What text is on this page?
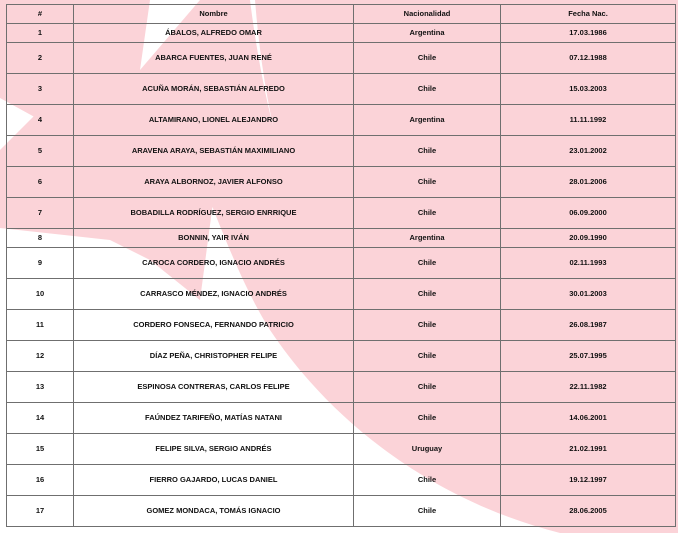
#	Nombre	Nacionalidad	Fecha Nac.
1	ÁBALOS, ALFREDO OMAR	Argentina	17.03.1986
2	ABARCA FUENTES, JUAN RENÉ	Chile	07.12.1988
3	ACUÑA MORÁN, SEBASTIÁN ALFREDO	Chile	15.03.2003
4	ALTAMIRANO, LIONEL ALEJANDRO	Argentina	11.11.1992
5	ARAVENA ARAYA, SEBASTIÁN MAXIMILIANO	Chile	23.01.2002
6	ARAYA ALBORNOZ, JAVIER ALFONSO	Chile	28.01.2006
7	BOBADILLA RODRÍGUEZ, SERGIO ENRRIQUE	Chile	06.09.2000
8	BONNIN, YAIR IVÁN	Argentina	20.09.1990
9	CAROCA CORDERO, IGNACIO ANDRÉS	Chile	02.11.1993
10	CARRASCO MÉNDEZ, IGNACIO ANDRÉS	Chile	30.01.2003
11	CORDERO FONSECA, FERNANDO PATRICIO	Chile	26.08.1987
12	DÍAZ PEÑA, CHRISTOPHER FELIPE	Chile	25.07.1995
13	ESPINOSA CONTRERAS, CARLOS FELIPE	Chile	22.11.1982
14	FAÚNDEZ TARIFEÑO, MATÍAS NATANI	Chile	14.06.2001
15	FELIPE SILVA, SERGIO ANDRÉS	Uruguay	21.02.1991
16	FIERRO GAJARDO, LUCAS DANIEL	Chile	19.12.1997
17	GOMEZ MONDACA, TOMÁS IGNACIO	Chile	28.06.2005
